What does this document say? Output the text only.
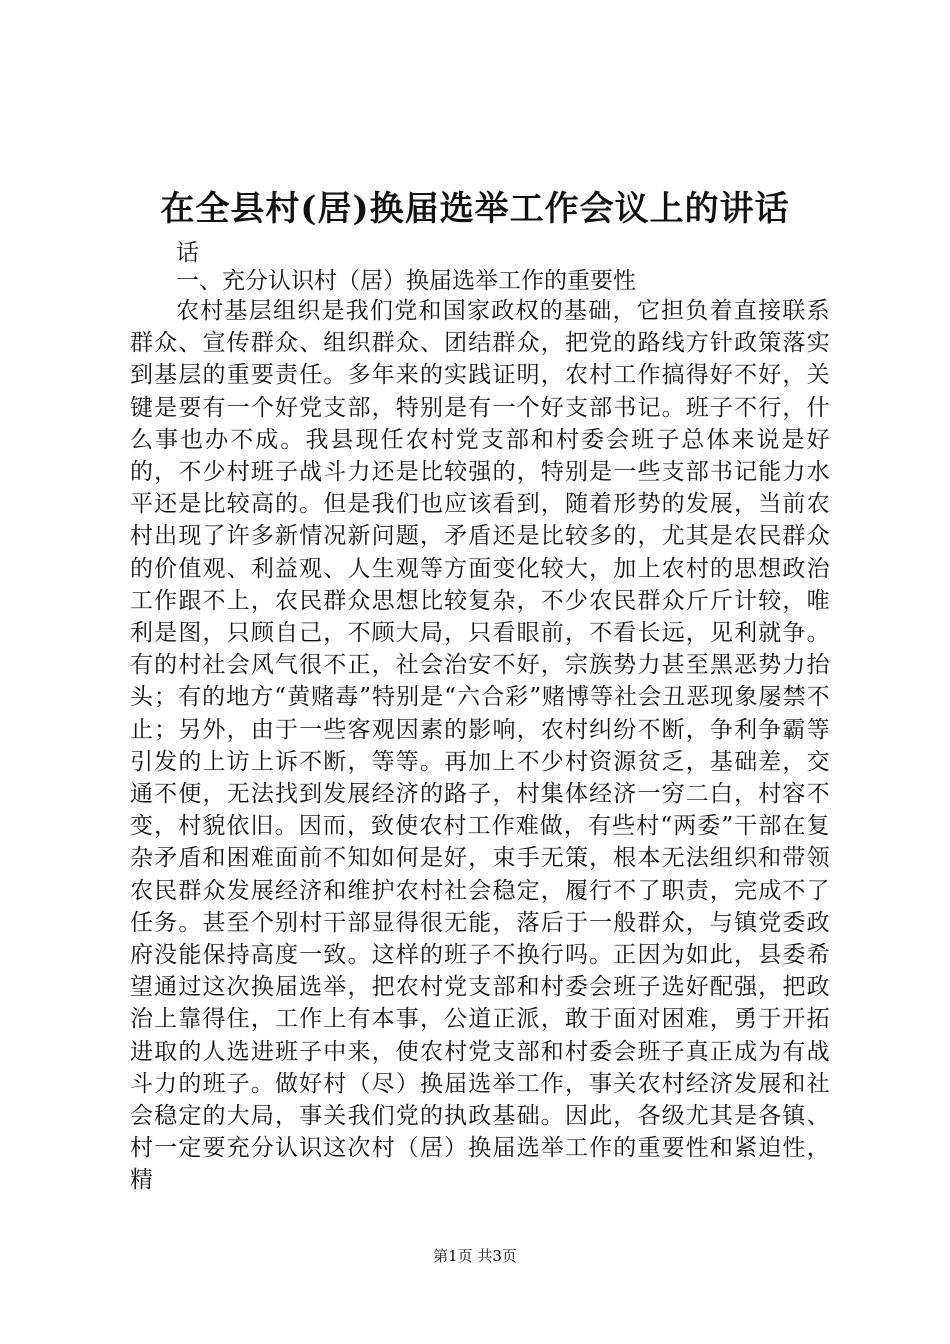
在全县村(居)换届选举工作会议上的讲话

话

一、充分认识村（居）换届选举工作的重要性

农村基层组织是我们党和国家政权的基础，它担负着直接联系群众、宣传群众、组织群众、团结群众，把党的路线方针政策落实到基层的重要责任。多年来的实践证明，农村工作搞得好不好，关键是要有一个好党支部，特别是有一个好支部书记。班子不行，什么事也办不成。我县现任农村党支部和村委会班子总体来说是好的，不少村班子战斗力还是比较强的，特别是一些支部书记能力水平还是比较高的。但是我们也应该看到，随着形势的发展，当前农村出现了许多新情况新问题，矛盾还是比较多的，尤其是农民群众的价值观、利益观、人生观等方面变化较大，加上农村的思想政治工作跟不上，农民群众思想比较复杂，不少农民群众斤斤计较，唯利是图，只顾自己，不顾大局，只看眼前，不看长远，见利就争。有的村社会风气很不正，社会治安不好，宗族势力甚至黑恶势力抬头；有的地方“黄赌毒”特别是“六合彩”赌博等社会丑恶现象屡禁不止；另外，由于一些客观因素的影响，农村纠纷不断，争利争霸等引发的上访上诉不断，等等。再加上不少村资源贫乏，基础差，交通不便，无法找到发展经济的路子，村集体经济一穷二白，村容不变，村貌依旧。因而，致使农村工作难做，有些村“两委”干部在复杂矛盾和困难面前不知如何是好，束手无策，根本无法组织和带领农民群众发展经济和维护农村社会稳定，履行不了职责，完成不了任务。甚至个别村干部显得很无能，落后于一般群众，与镇党委政府没能保持高度一致。这样的班子不换行吗。正因为如此，县委希望通过这次换届选举，把农村党支部和村委会班子选好配强，把政治上靠得住，工作上有本事，公道正派，敢于面对困难，勇于开拓进取的人选进班子中来，使农村党支部和村委会班子真正成为有战斗力的班子。做好村（尽）换届选举工作，事关农村经济发展和社会稳定的大局，事关我们党的执政基础。因此，各级尤其是各镇、村一定要充分认识这次村（居）换届选举工作的重要性和紧迫性，精

第1页 共3页
